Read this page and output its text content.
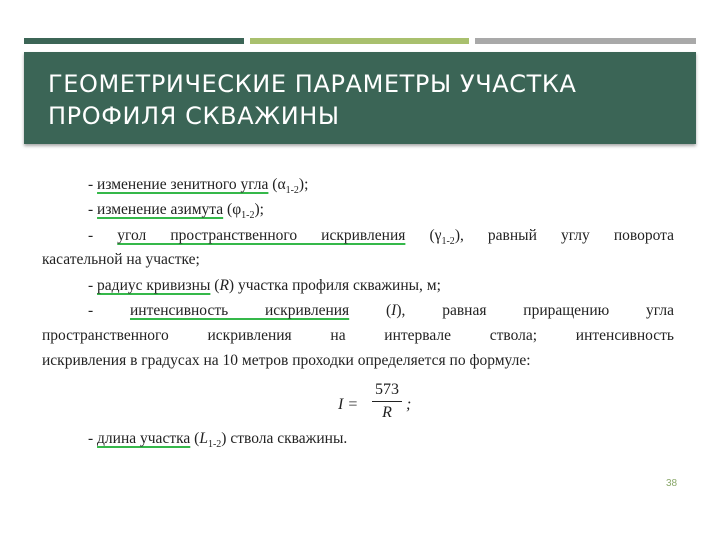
ГЕОМЕТРИЧЕСКИЕ ПАРАМЕТРЫ УЧАСТКА
ПРОФИЛЯ СКВАЖИНЫ
- изменение зенитного угла $(\alpha_{1-2})$;
- изменение азимута $(\varphi_{1-2})$;
- угол пространственного искривления $(\gamma_{1-2})$, равный углу поворота
касательной на участке;
- радиус кривизны (R) участка профиля скважины, м;
- интенсивность искривления (I), равная приращению угла
пространственного искривления на интервале ствола; интенсивность
искривления в градусах на 10 метров проходки определяется по формуле:
I =
573
R ;
- длина участка $(L_{1-2})$ ствола скважины.
38
